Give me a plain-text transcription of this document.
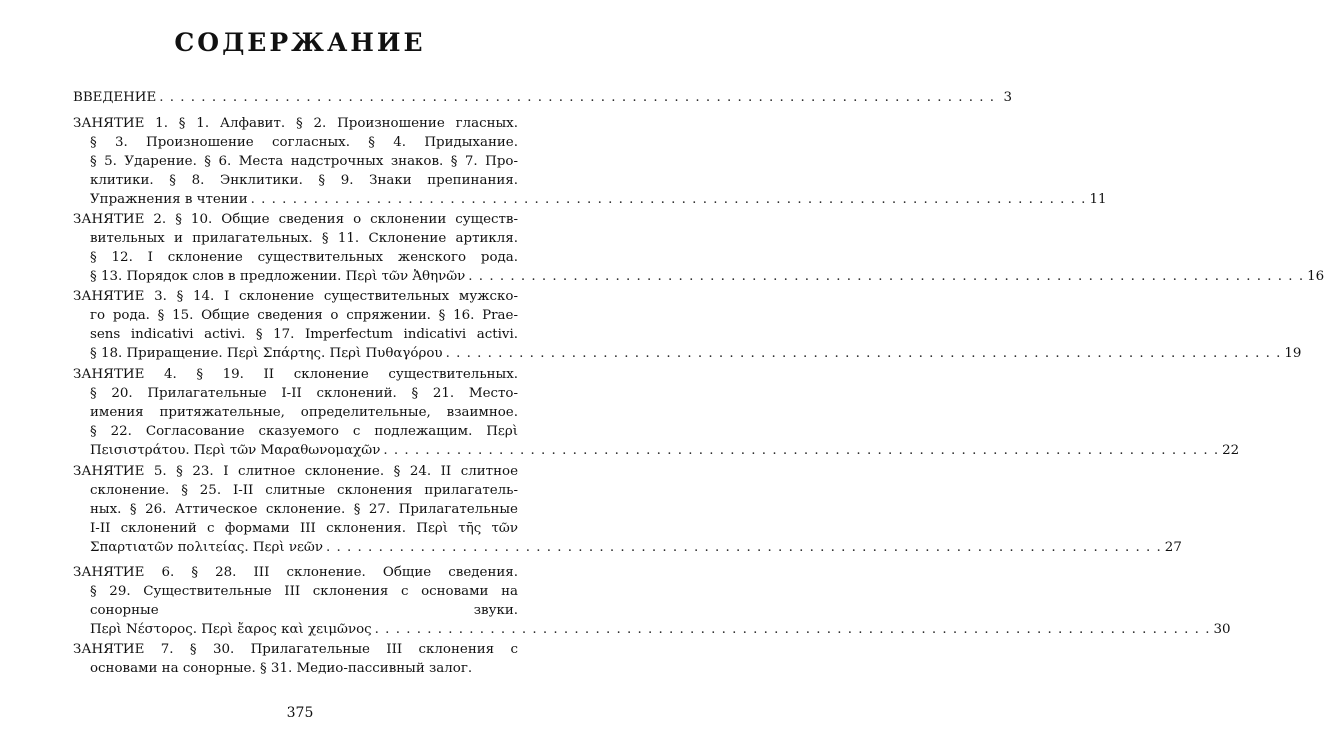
СОДЕРЖАНИЕ
ВВЕДЕНИЕ . . . . . . . . . . . . . . . . . . . . . . . . . . . . . . . . . . . . . . . . . . . . . . . . . . . . . . . . . . . . . . . . . . . . . . . . . . . . . . . . 3
ЗАНЯТИЕ 1. § 1. Алфавит. § 2. Произношение гласных.
§ 3. Произношение согласных. § 4. Придыхание.
§ 5. Ударение. § 6. Места надстрочных знаков. § 7. Про-
клитики. § 8. Энклитики. § 9. Знаки препинания.
Упражнения в чтении . . . . . . . . . . . . . . . . . . . . . . . . . . . . . . . . . . . . . . . . . . . . . . . . . . . . . . . . . . . . . . . . . . . . . . . . . . . . . . . . 11
ЗАНЯТИЕ 2. § 10. Общие сведения о склонении существ-
вительных и прилагательных. § 11. Склонение артикля.
§ 12. I склонение существительных женского рода.
§ 13. Порядок слов в предложении. Περὶ τῶν Ἀθηνῶν . . . . . . . . . . . . . . . . . . . . . . . . . . . . . . . . . . . . . . . . . . . . . . . . . . . . . . . . . . . . . . . . . . . . . . . . . . . . . . . . 16
ЗАНЯТИЕ 3. § 14. I склонение существительных мужско-
го рода. § 15. Общие сведения о спряжении. § 16. Prae-
sens indicativi activi. § 17. Imperfectum indicativi activi.
§ 18. Приращение. Περὶ Σπάρτης. Περὶ Πυθαγόρου . . . . . . . . . . . . . . . . . . . . . . . . . . . . . . . . . . . . . . . . . . . . . . . . . . . . . . . . . . . . . . . . . . . . . . . . . . . . . . . . 19
ЗАНЯТИЕ 4. § 19. II склонение существительных.
§ 20. Прилагательные I-II склонений. § 21. Место-
имения притяжательные, определительные, взаимное.
§ 22. Согласование сказуемого с подлежащим. Περὶ
Πεισιστράτου. Περὶ τῶν Μαραθωνομαχῶν . . . . . . . . . . . . . . . . . . . . . . . . . . . . . . . . . . . . . . . . . . . . . . . . . . . . . . . . . . . . . . . . . . . . . . . . . . . . . . . . 22
ЗАНЯТИЕ 5. § 23. I слитное склонение. § 24. II слитное
склонение. § 25. I-II слитные склонения прилагатель-
ных. § 26. Аттическое склонение. § 27. Прилагательные
I-II склонений с формами III склонения. Περὶ τῆς τῶν
Σπαρτιατῶν πολιτείας. Περὶ νεῶν . . . . . . . . . . . . . . . . . . . . . . . . . . . . . . . . . . . . . . . . . . . . . . . . . . . . . . . . . . . . . . . . . . . . . . . . . . . . . . . . 27
ЗАНЯТИЕ 6. § 28. III склонение. Общие сведения.
§ 29. Существительные III склонения с основами на
сонорные звуки.
Περὶ Νέστορος. Περὶ ἔαρος καὶ χειμῶνος . . . . . . . . . . . . . . . . . . . . . . . . . . . . . . . . . . . . . . . . . . . . . . . . . . . . . . . . . . . . . . . . . . . . . . . . . . . . . . . . 30
ЗАНЯТИЕ 7. § 30. Прилагательные III склонения с
основами на сонорные. § 31. Медио-пассивный залог.
375
